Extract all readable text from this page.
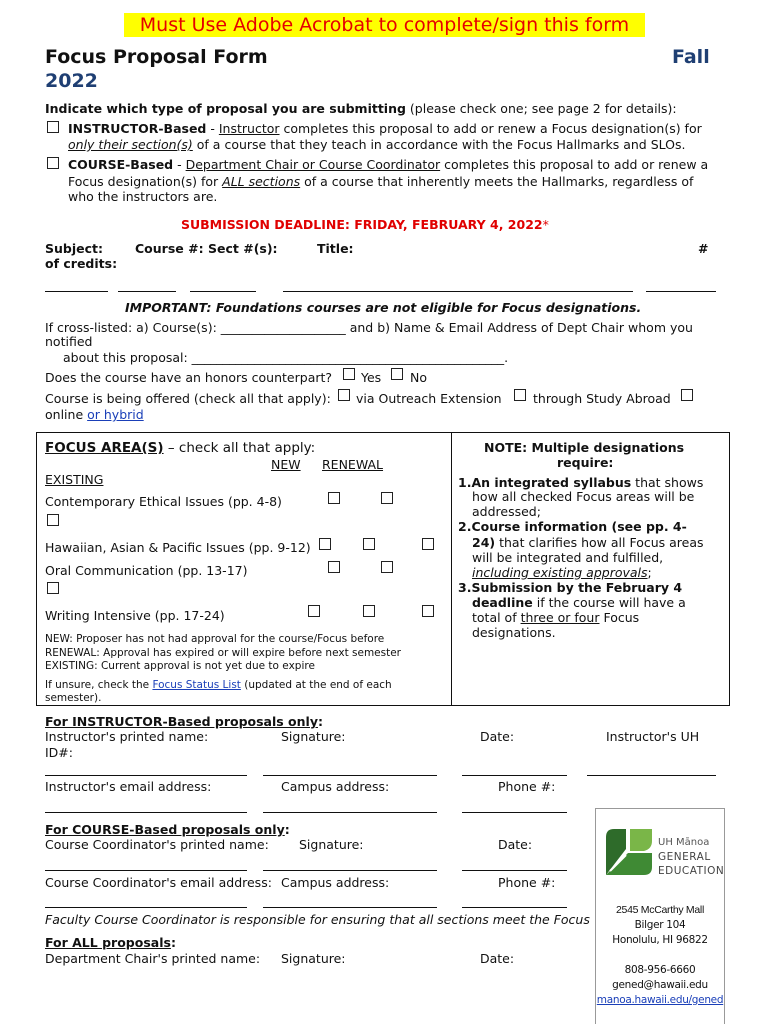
Must Use Adobe Acrobat to complete/sign this form
Focus Proposal Form	Fall
2022
Indicate which type of proposal you are submitting (please check one; see page 2 for details):
INSTRUCTOR-Based - Instructor completes this proposal to add or renew a Focus designation(s) for
only their section(s) of a course that they teach in accordance with the Focus Hallmarks and SLOs.
COURSE-Based - Department Chair or Course Coordinator completes this proposal to add or renew a
Focus designation(s) for ALL sections of a course that inherently meets the Hallmarks, regardless of
who the instructors are.
SUBMISSION DEADLINE: FRIDAY, FEBRUARY 4, 2022*
Subject:	Course #: Sect #(s):	Title:	#
of credits:
IMPORTANT: Foundations courses are not eligible for Focus designations.
If cross-listed: a) Course(s): ____________________ and b) Name & Email Address of Dept Chair whom you
notified
about this proposal: __________________________________________________.
Does the course have an honors counterpart? Yes No
Course is being offered (check all that apply): via Outreach Extension	through Study Abroad
online or hybrid
FOCUS AREA(S) – check all that apply:
NEW RENEWAL
EXISTING
Contemporary Ethical Issues (pp. 4-8)
Hawaiian, Asian & Pacific Issues (pp. 9-12)
Oral Communication (pp. 13-17)
Writing Intensive (pp. 17-24)
NEW: Proposer has not had approval for the course/Focus before
RENEWAL: Approval has expired or will expire before next semester
EXISTING: Current approval is not yet due to expire
If unsure, check the Focus Status List (updated at the end of each
semester).
NOTE: Multiple designations
require:
1.An integrated syllabus that shows
how all checked Focus areas will be
addressed;
2.Course information (see pp. 4-
24) that clarifies how all Focus areas
will be integrated and fulfilled,
including existing approvals;
3.Submission by the February 4
deadline if the course will have a
total of three or four Focus
designations.
For INSTRUCTOR-Based proposals only:
Instructor's printed name:	Signature:	Date:	Instructor's UH
ID#:
Instructor's email address:	Campus address:	Phone #:
For COURSE-Based proposals only:
Course Coordinator's printed name: Signature:	Date:
Course Coordinator's email address: Campus address:	Phone #:
Faculty Course Coordinator is responsible for ensuring that all sections meet the Focus
For ALL proposals:
Department Chair's printed name: Signature:	Date:
UH Mānoa
GENERAL
EDUCATION
2545 McCarthy Mall
Bilger 104
Honolulu, HI 96822
808-956-6660
gened@hawaii.edu
manoa.hawaii.edu/gened
